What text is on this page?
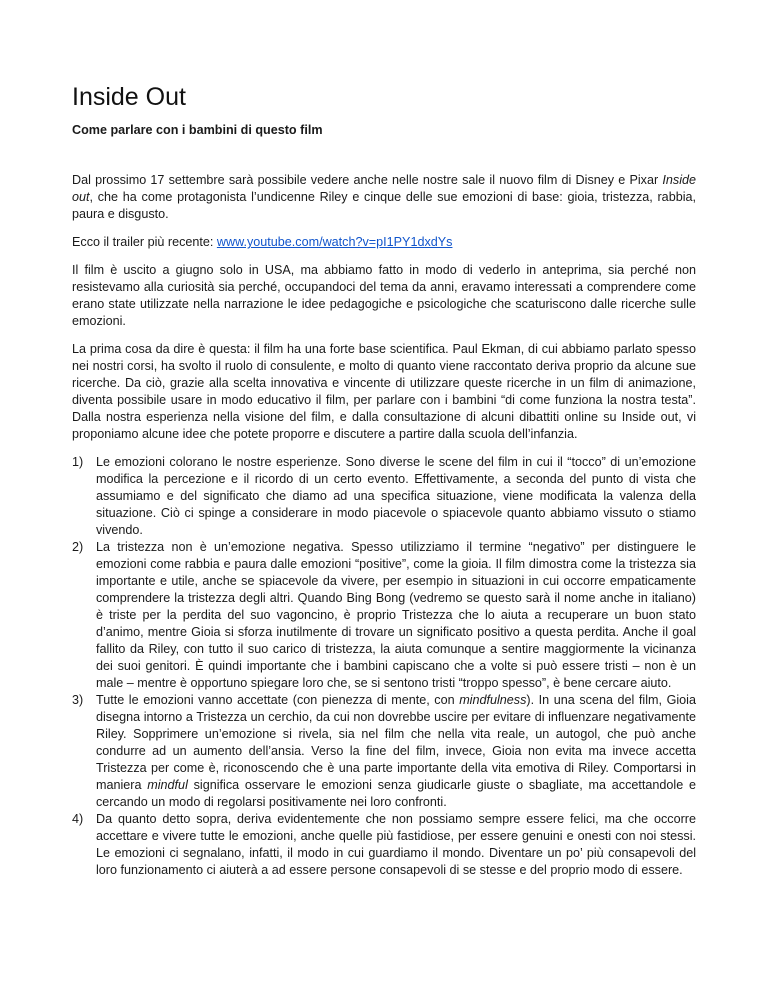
Inside Out
Come parlare con i bambini di questo film

Dal prossimo 17 settembre sarà possibile vedere anche nelle nostre sale il nuovo film di Disney e Pixar Inside out, che ha come protagonista l’undicenne Riley e cinque delle sue emozioni di base: gioia, tristezza, rabbia, paura e disgusto.

Ecco il trailer più recente: www.youtube.com/watch?v=pI1PY1dxdYs

Il film è uscito a giugno solo in USA, ma abbiamo fatto in modo di vederlo in anteprima, sia perché non resistevamo alla curiosità sia perché, occupandoci del tema da anni, eravamo interessati a comprendere come erano state utilizzate nella narrazione le idee pedagogiche e psicologiche che scaturiscono dalle ricerche sulle emozioni.

La prima cosa da dire è questa: il film ha una forte base scientifica. Paul Ekman, di cui abbiamo parlato spesso nei nostri corsi, ha svolto il ruolo di consulente, e molto di quanto viene raccontato deriva proprio da alcune sue ricerche. Da ciò, grazie alla scelta innovativa e vincente di utilizzare queste ricerche in un film di animazione, diventa possibile usare in modo educativo il film, per parlare con i bambini “di come funziona la nostra testa”. Dalla nostra esperienza nella visione del film, e dalla consultazione di alcuni dibattiti online su Inside out, vi proponiamo alcune idee che potete proporre e discutere a partire dalla scuola dell’infanzia.

1) Le emozioni colorano le nostre esperienze. Sono diverse le scene del film in cui il “tocco” di un’emozione modifica la percezione e il ricordo di un certo evento. Effettivamente, a seconda del punto di vista che assumiamo e del significato che diamo ad una specifica situazione, viene modificata la valenza della situazione. Ciò ci spinge a considerare in modo piacevole o spiacevole quanto abbiamo vissuto o stiamo vivendo.
2) La tristezza non è un’emozione negativa. Spesso utilizziamo il termine “negativo” per distinguere le emozioni come rabbia e paura dalle emozioni “positive”, come la gioia. Il film dimostra come la tristezza sia importante e utile, anche se spiacevole da vivere, per esempio in situazioni in cui occorre empaticamente comprendere la tristezza degli altri. Quando Bing Bong (vedremo se questo sarà il nome anche in italiano) è triste per la perdita del suo vagoncino, è proprio Tristezza che lo aiuta a recuperare un buon stato d’animo, mentre Gioia si sforza inutilmente di trovare un significato positivo a questa perdita. Anche il goal fallito da Riley, con tutto il suo carico di tristezza, la aiuta comunque a sentire maggiormente la vicinanza dei suoi genitori. È quindi importante che i bambini capiscano che a volte si può essere tristi – non è un male – mentre è opportuno spiegare loro che, se si sentono tristi “troppo spesso”, è bene cercare aiuto.
3) Tutte le emozioni vanno accettate (con pienezza di mente, con mindfulness). In una scena del film, Gioia disegna intorno a Tristezza un cerchio, da cui non dovrebbe uscire per evitare di influenzare negativamente Riley. Sopprimere un’emozione si rivela, sia nel film che nella vita reale, un autogol, che può anche condurre ad un aumento dell’ansia. Verso la fine del film, invece, Gioia non evita ma invece accetta Tristezza per come è, riconoscendo che è una parte importante della vita emotiva di Riley. Comportarsi in maniera mindful significa osservare le emozioni senza giudicarle giuste o sbagliate, ma accettandole e cercando un modo di regolarsi positivamente nei loro confronti.
4) Da quanto detto sopra, deriva evidentemente che non possiamo sempre essere felici, ma che occorre accettare e vivere tutte le emozioni, anche quelle più fastidiose, per essere genuini e onesti con noi stessi. Le emozioni ci segnalano, infatti, il modo in cui guardiamo il mondo. Diventare un po’ più consapevoli del loro funzionamento ci aiuterà a ad essere persone consapevoli di se stesse e del proprio modo di essere.
